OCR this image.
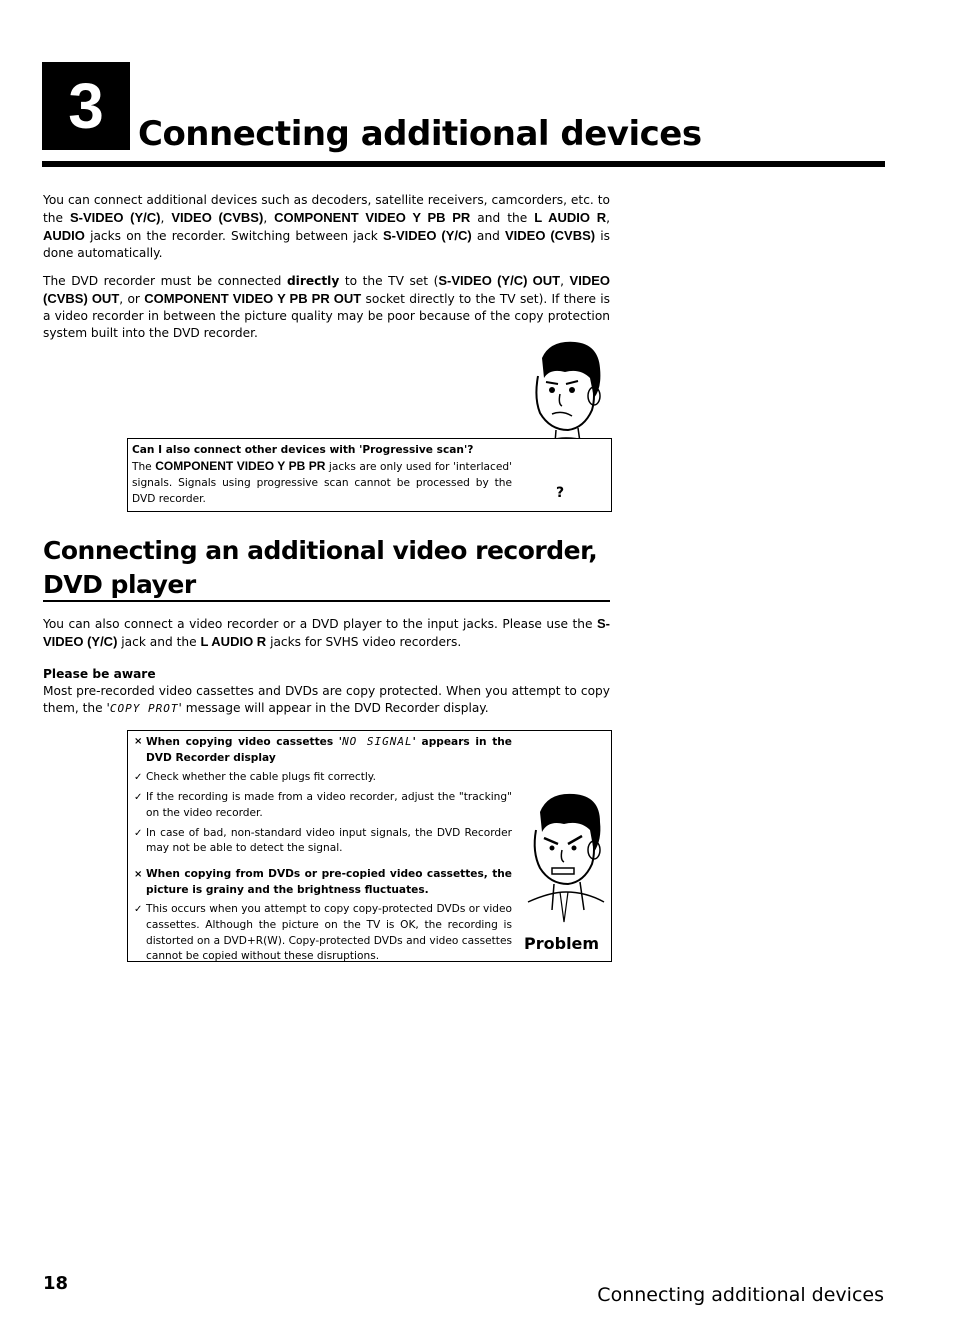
3	Connecting additional devices
You can connect additional devices such as decoders, satellite receivers, camcorders, etc. to the S-VIDEO (Y/C), VIDEO (CVBS), COMPONENT VIDEO Y PB PR and the L AUDIO R, AUDIO jacks on the recorder. Switching between jack S-VIDEO (Y/C) and VIDEO (CVBS) is done automatically.
The DVD recorder must be connected directly to the TV set (S-VIDEO (Y/C) OUT, VIDEO (CVBS) OUT, or COMPONENT VIDEO Y PB PR OUT socket directly to the TV set). If there is a video recorder in between the picture quality may be poor because of the copy protection system built into the DVD recorder.
Can I also connect other devices with 'Progressive scan'?
The COMPONENT VIDEO Y PB PR jacks are only used for 'interlaced' signals. Signals using progressive scan cannot be processed by the DVD recorder.	?
Connecting an additional video recorder, DVD player
You can also connect a video recorder or a DVD player to the input jacks. Please use the S-VIDEO (Y/C) jack and the L AUDIO R jacks for SVHS video recorders.
Please be aware
Most pre-recorded video cassettes and DVDs are copy protected. When you attempt to copy them, the 'COPY PROT' message will appear in the DVD Recorder display.
× When copying video cassettes 'NO SIGNAL' appears in the DVD Recorder display
✓ Check whether the cable plugs fit correctly.
✓ If the recording is made from a video recorder, adjust the "tracking" on the video recorder.
✓ In case of bad, non-standard video input signals, the DVD Recorder may not be able to detect the signal.
× When copying from DVDs or pre-copied video cassettes, the picture is grainy and the brightness fluctuates.
✓ This occurs when you attempt to copy copy-protected DVDs or video cassettes. Although the picture on the TV is OK, the recording is distorted on a DVD+R(W). Copy-protected DVDs and video cassettes cannot be copied without these disruptions.
Problem
18
Connecting additional devices
